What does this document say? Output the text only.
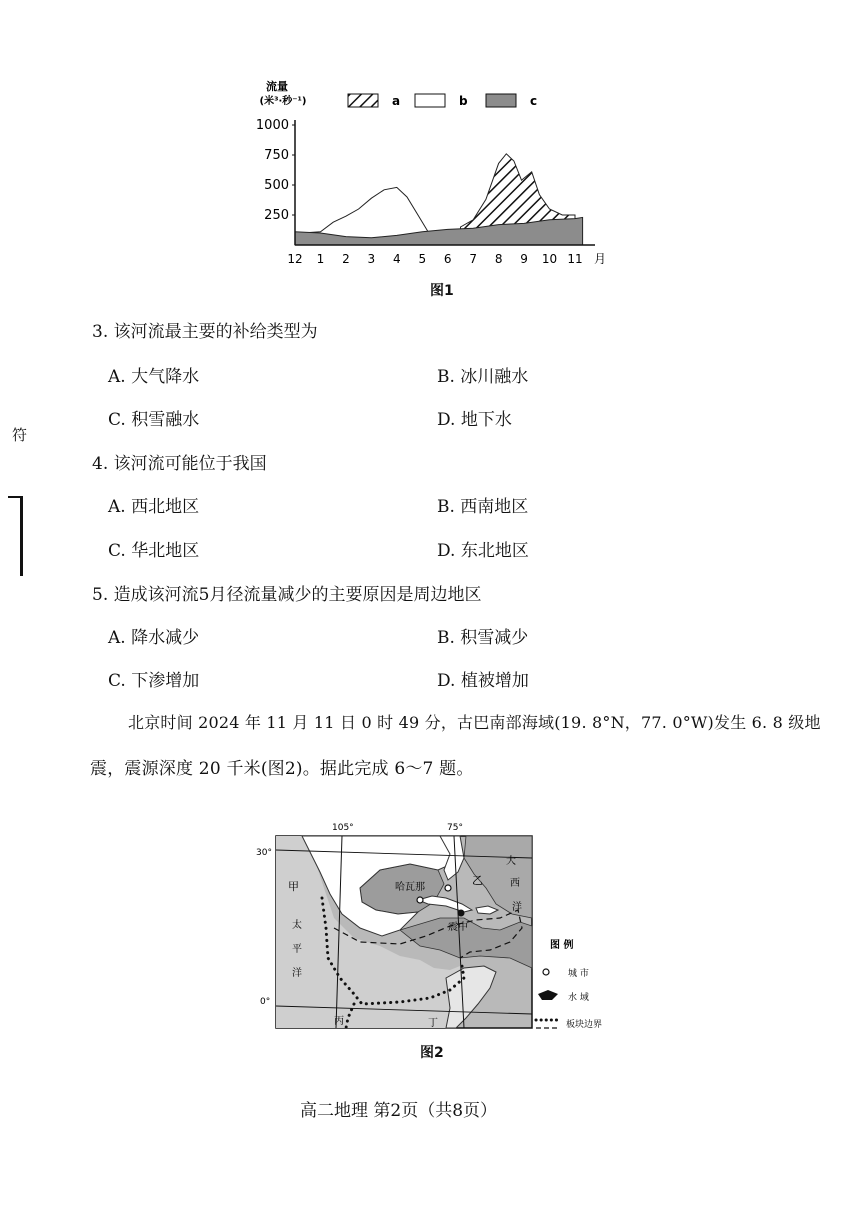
符
250
500
750
1000
12 1 2 3 4 5 6 7 8 9 10 11 月
流量
(米³·秒⁻¹)	a	b	c
图1
3. 该河流最主要的补给类型为
A. 大气降水	B. 冰川融水
C. 积雪融水	D. 地下水
4. 该河流可能位于我国
A. 西北地区	B. 西南地区
C. 华北地区	D. 东北地区
5. 造成该河流5月径流量减少的主要原因是周边地区
A. 降水减少	B. 积雪减少
C. 下渗增加	D. 植被增加
北京时间 2024 年 11 月 11 日 0 时 49 分，古巴南部海域(19. 8°N，77. 0°W)发生 6. 8 级地
震，震源深度 20 千米(图2)。据此完成 6～7 题。
105°	75°
30°
0°
甲	乙
丙	丁
哈瓦那
震中
太
平
洋
大
西
洋
图 例
城 市
水 域
板块边界
图2
高二地理 第2页（共8页）
